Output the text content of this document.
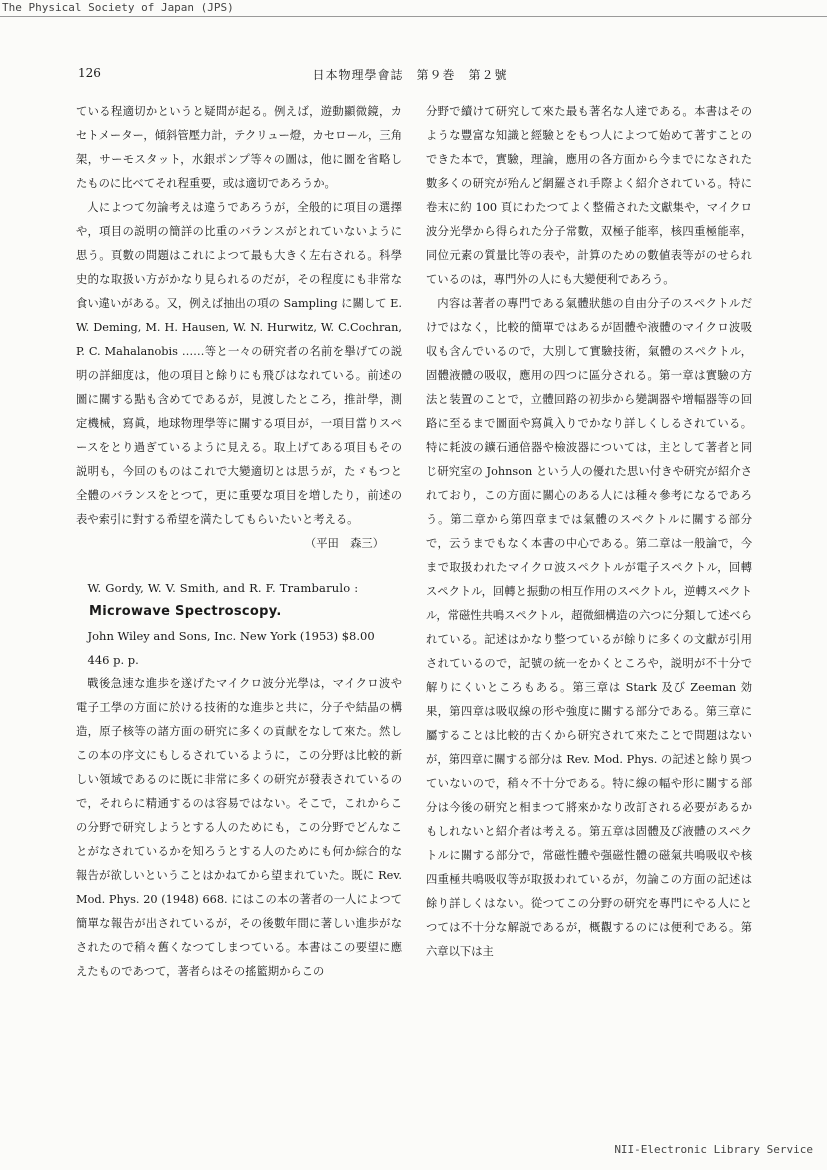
The Physical Society of Japan (JPS)
126	日本物理學會誌　第９巻　第２號

ている程適切かというと疑問が起る。例えば，遊動顯微鏡，カセトメーター，傾斜管壓力計，テクリュー燈，カセロール，三角架，サーモスタット，水銀ポンプ等々の圖は，他に圖を省略したものに比べてそれ程重要，或は適切であろうか。

人によつて勿論考えは違うであろうが，全般的に項目の選擇や，項目の説明の簡詳の比重のバランスがとれていないように思う。頁數の問題はこれによつて最も大きく左右される。科學史的な取扱い方がかなり見られるのだが，その程度にも非常な食い違いがある。又，例えば抽出の項の Sampling に關して E. W. Deming, M. H. Hausen, W. N. Hurwitz, W. C.Cochran, P. C. Mahalanobis ……等と一々の研究者の名前を擧げての説明の詳細度は，他の項目と餘りにも飛びはなれている。前述の圖に關する點も含めてであるが，見渡したところ，推計學，測定機械，寫眞，地球物理學等に關する項目が，一項目當りスペースをとり過ぎているように見える。取上げてある項目もその説明も，今回のものはこれで大變適切とは思うが，たゞもつと全體のバランスをとつて，更に重要な項目を増したり，前述の表や索引に對する希望を満たしてもらいたいと考える。

（平田　森三）

W. Gordy, W. V. Smith, and R. F. Trambarulo :

Microwave Spectroscopy.

John Wiley and Sons, Inc. New York (1953) $8.00

446 p. p.

戰後急速な進歩を遂げたマイクロ波分光學は，マイクロ波や電子工學の方面に於ける技術的な進歩と共に，分子や結晶の構造，原子核等の諸方面の研究に多くの貢献をなして來た。然しこの本の序文にもしるされているように，この分野は比較的新しい領域であるのに既に非常に多くの研究が發表されているので，それらに精通するのは容易ではない。そこで，これからこの分野で研究しようとする人のためにも，この分野でどんなことがなされているかを知ろうとする人のためにも何か綜合的な報告が欲しいということはかねてから望まれていた。既に Rev. Mod. Phys. 20 (1948) 668. にはこの本の著者の一人によつて簡單な報告が出されているが，その後數年間に著しい進歩がなされたので稍々舊くなつてしまつている。本書はこの要望に應えたものであつて，著者らはその搖籃期からこの

分野で續けて研究して來た最も著名な人達である。本書はそのような豐富な知識と經驗とをもつ人によつて始めて著すことのできた本で，實驗，理論，應用の各方面から今までになされた數多くの研究が殆んど網羅され手際よく紹介されている。特に卷末に約 100 頁にわたつてよく整備された文獻集や，マイクロ波分光學から得られた分子常數，双極子能率，核四重極能率，同位元素の質量比等の表や，計算のための數値表等がのせられているのは，專門外の人にも大變便利であろう。

内容は著者の專門である氣體狀態の自由分子のスペクトルだけではなく，比較的簡單ではあるが固體や液體のマイクロ波吸収も含んでいるので，大別して實驗技術，氣體のスペクトル，固體液體の吸収，應用の四つに區分される。第一章は實驗の方法と装置のことで，立體回路の初歩から變調器や增幅器等の回路に至るまで圖面や寫眞入りでかなり詳しくしるされている。特に耗波の鑛石通倍器や檢波器については，主として著者と同じ研究室の Johnson という人の優れた思い付きや研究が紹介されており，この方面に關心のある人には種々參考になるであろう。第二章から第四章までは氣體のスペクトルに關する部分で，云うまでもなく本書の中心である。第二章は一般論で，今まで取扱われたマイクロ波スペクトルが電子スペクトル，回轉スペクトル，回轉と振動の相互作用のスペクトル，逆轉スペクトル，常磁性共鳴スペクトル，超微細構造の六つに分類して述べられている。記述はかなり整つているが餘りに多くの文獻が引用されているので，記號の統一をかくところや，説明が不十分で解りにくいところもある。第三章は Stark 及び Zeeman 効果，第四章は吸収線の形や強度に關する部分である。第三章に屬することは比較的古くから研究されて來たことで問題はないが，第四章に關する部分は Rev. Mod. Phys. の記述と餘り異つていないので，稍々不十分である。特に線の幅や形に關する部分は今後の研究と相まつて將來かなり改訂される必要があるかもしれないと紹介者は考える。第五章は固體及び液體のスペクトルに關する部分で，常磁性體や强磁性體の磁氣共鳴吸収や核四重極共鳴吸収等が取扱われているが，勿論この方面の記述は餘り詳しくはない。從つてこの分野の研究を專門にやる人にとつては不十分な解説であるが，概觀するのには便利である。第六章以下は主

NII-Electronic Library Service
